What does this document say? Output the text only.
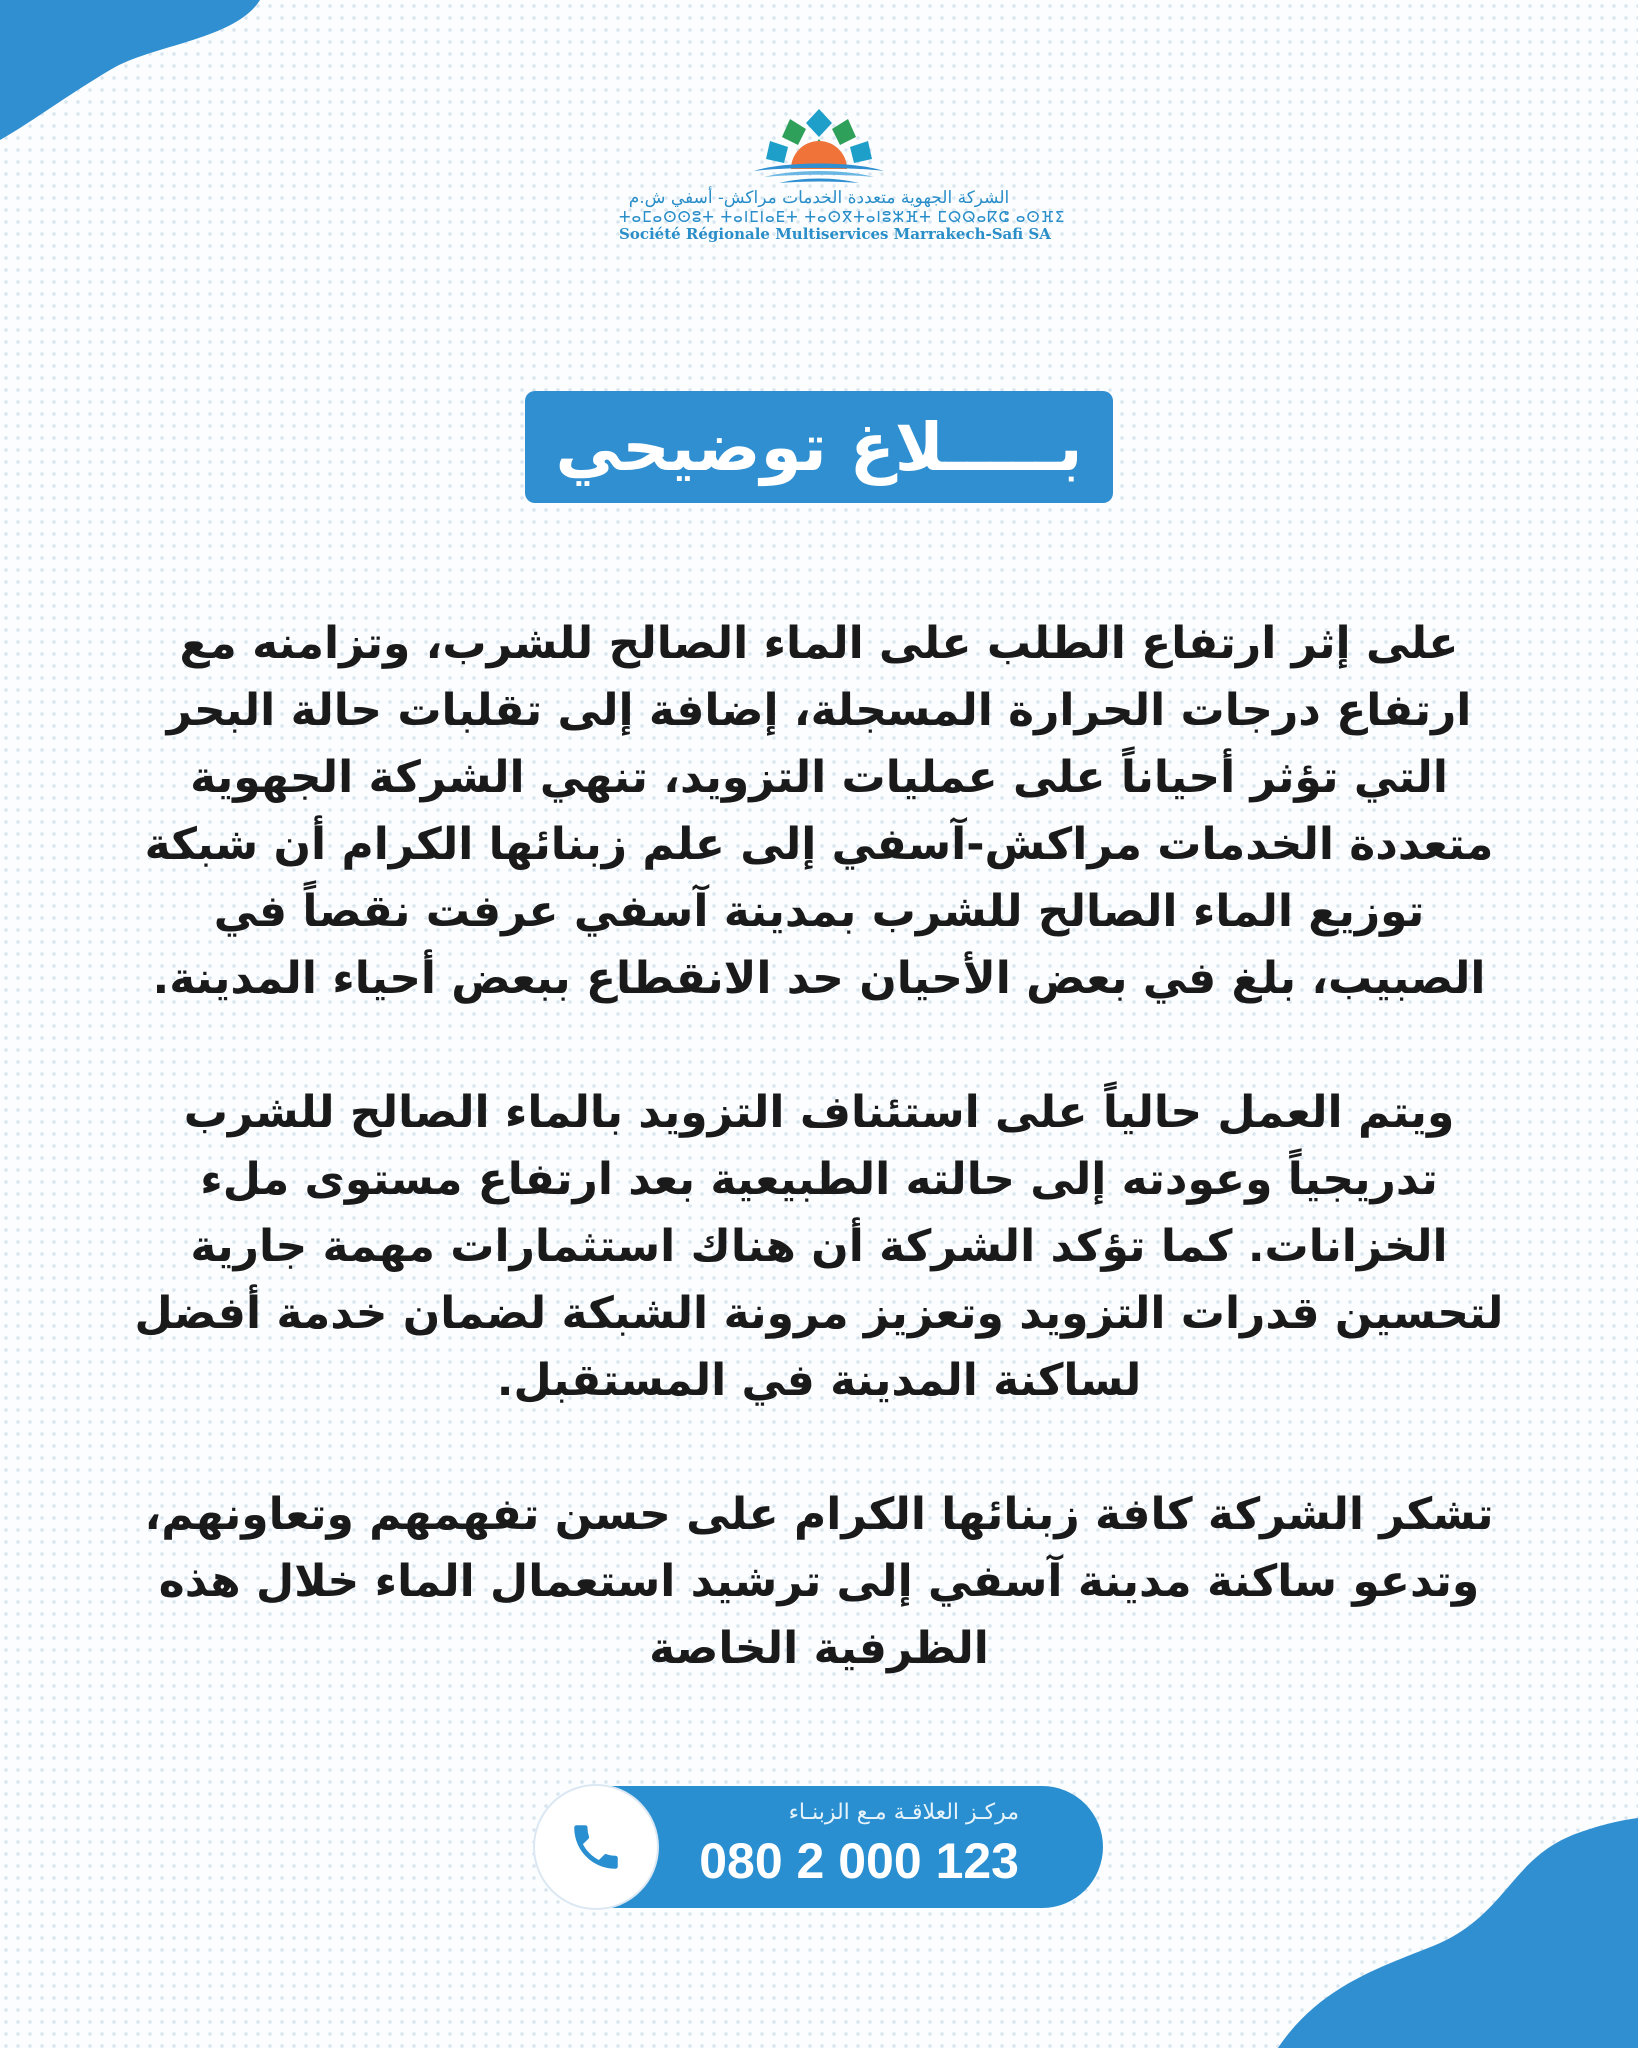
الشركة الجهوية متعددة الخدمات مراكش- أسفي ش.م
ⵜⴰⵎⴰⵙⵙⵓⵜ ⵜⴰⵏⵎⵏⴰⴹⵜ ⵜⴰⵙⴳⵜⴰⵏⵓⵣⴼⵜ ⵎⵕⵕⴰⴽⵛ ⴰⵙⴼⵉ
Société Régionale Multiservices Marrakech-Safi SA
بـــــلاغ توضيحي

على إثر ارتفاع الطلب على الماء الصالح للشرب، وتزامنه مع ارتفاع درجات الحرارة المسجلة، إضافة إلى تقلبات حالة البحر التي تؤثر أحياناً على عمليات التزويد، تنهي الشركة الجهوية متعددة الخدمات مراكش-آسفي إلى علم زبنائها الكرام أن شبكة توزيع الماء الصالح للشرب بمدينة آسفي عرفت نقصاً في الصبيب، بلغ في بعض الأحيان حد الانقطاع ببعض أحياء المدينة.

ويتم العمل حالياً على استئناف التزويد بالماء الصالح للشرب تدريجياً وعودته إلى حالته الطبيعية بعد ارتفاع مستوى ملء الخزانات. كما تؤكد الشركة أن هناك استثمارات مهمة جارية لتحسين قدرات التزويد وتعزيز مرونة الشبكة لضمان خدمة أفضل لساكنة المدينة في المستقبل.

تشكر الشركة كافة زبنائها الكرام على حسن تفهمهم وتعاونهم، وتدعو ساكنة مدينة آسفي إلى ترشيد استعمال الماء خلال هذه الظرفية الخاصة

مركـز العلاقـة مـع الزبنـاء
080 2 000 123
